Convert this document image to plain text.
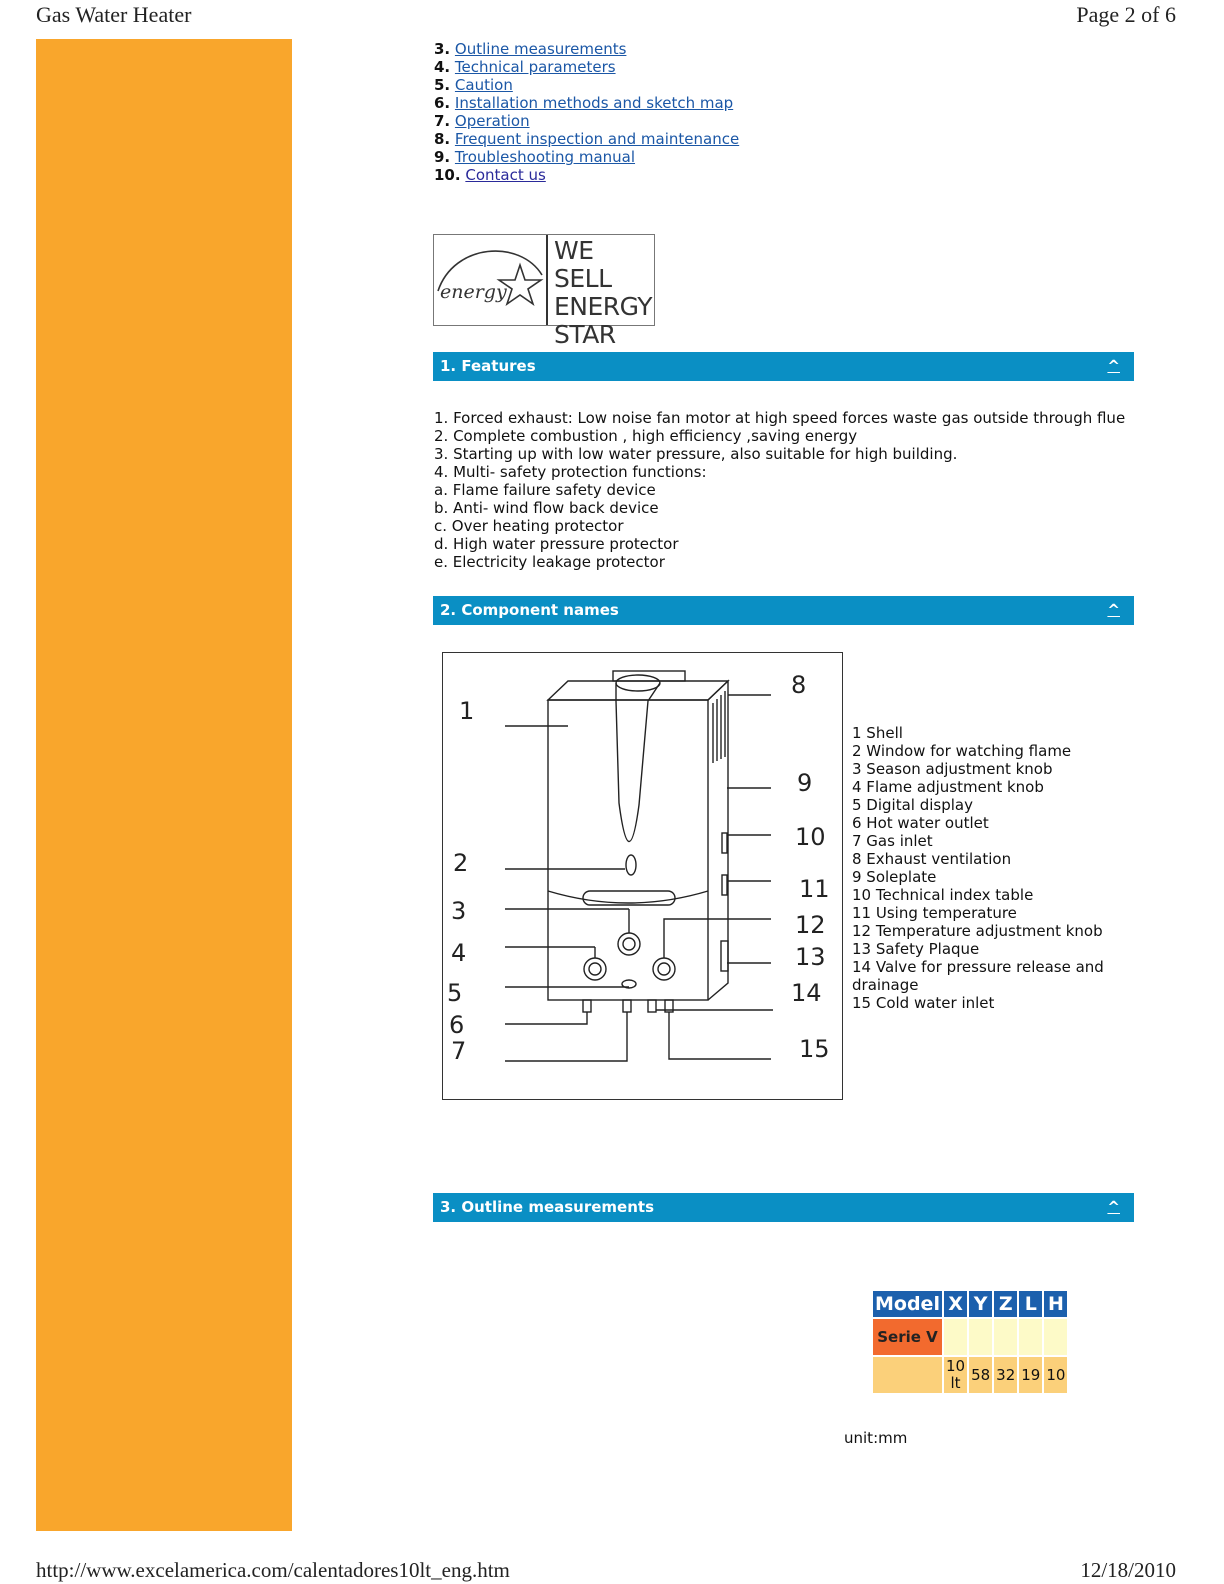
Gas Water Heater	Page 2 of 6
3. Outline measurements
4. Technical parameters
5. Caution
6. Installation methods and sketch map
7. Operation
8. Frequent inspection and maintenance
9. Troubleshooting manual
10. Contact us
energy
WE SELL
ENERGY
STAR
1. Features	^
1. Forced exhaust: Low noise fan motor at high speed forces waste gas outside through flue
2. Complete combustion , high efficiency ,saving energy
3. Starting up with low water pressure, also suitable for high building.
4. Multi- safety protection functions:
a. Flame failure safety device
b. Anti- wind flow back device
c. Over heating protector
d. High water pressure protector
e. Electricity leakage protector
2. Component names	^
1
2
3
4
5
6
7
8
9
10
11
12
13
14
15
1 Shell
2 Window for watching flame
3 Season adjustment knob
4 Flame adjustment knob
5 Digital display
6 Hot water outlet
7 Gas inlet
8 Exhaust ventilation
9 Soleplate
10 Technical index table
11 Using temperature
12 Temperature adjustment knob
13 Safety Plaque
14 Valve for pressure release and drainage
15 Cold water inlet
3. Outline measurements	^
Model	X	Y	Z	L	H
Serie V					
	10 lt	58	32	19	10
unit:mm
http://www.excelamerica.com/calentadores10lt_eng.htm	12/18/2010
